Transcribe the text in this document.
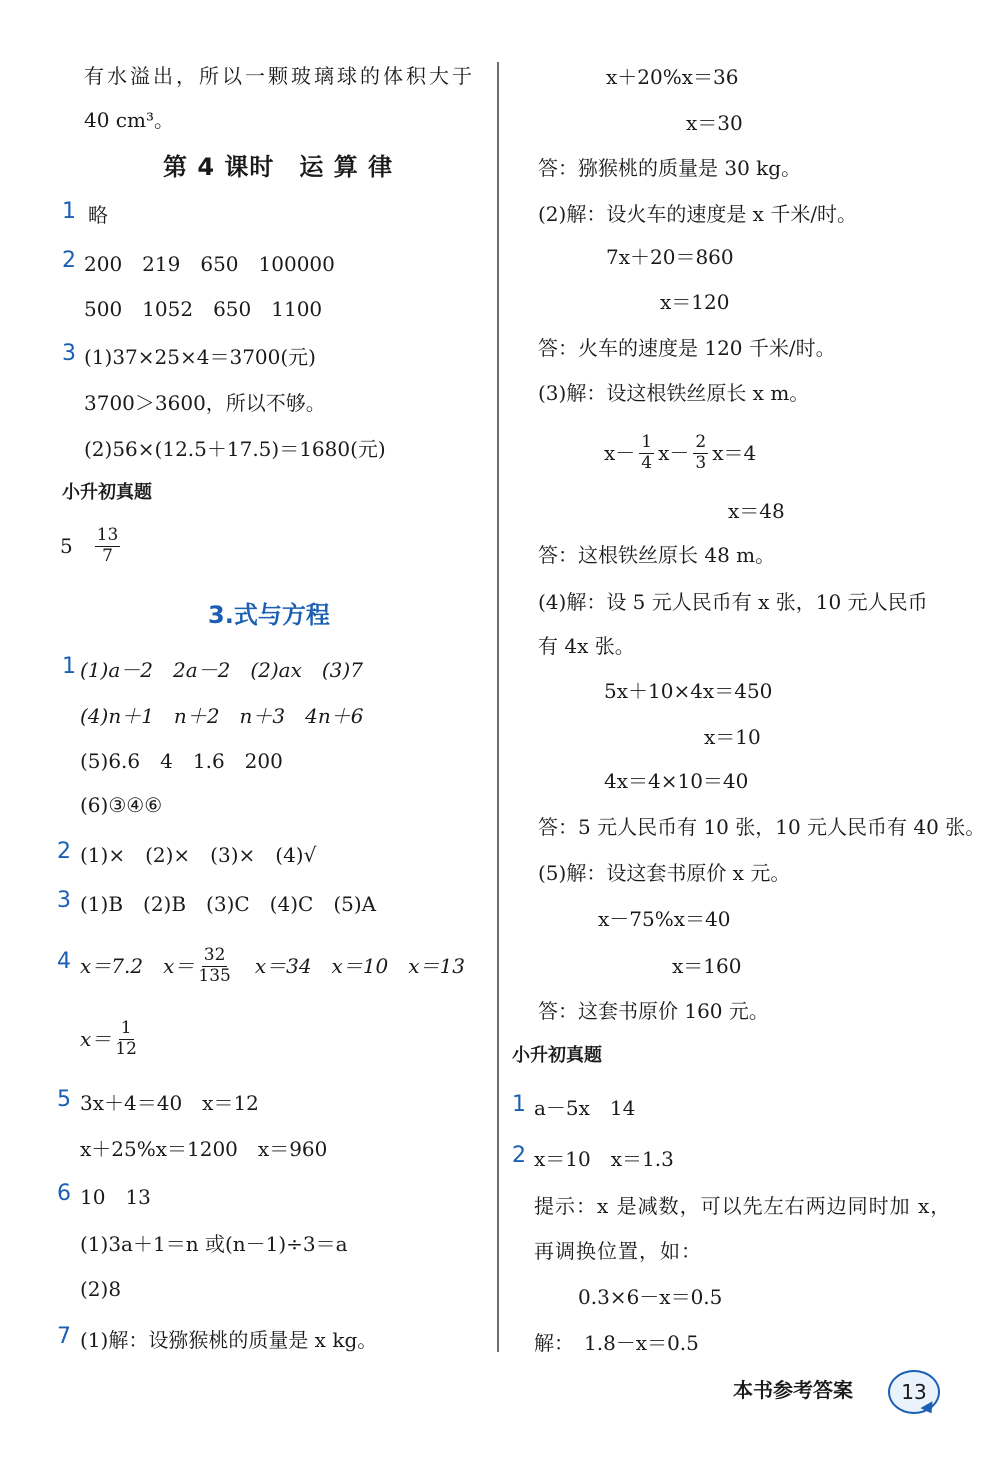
有水溢出，所以一颗玻璃球的体积大于
40 cm³。
第 4 课时　运 算 律
1 略
2 200　219　650　100000
500　1052　650　1100
3 (1)37×25×4＝3700(元)
3700＞3600，所以不够。
(2)56×(12.5＋17.5)＝1680(元)
小升初真题
$5 \frac{13}{7}$
3.式与方程
1 (1)a－2　2a－2　(2)ax　(3)7
(4)n＋1　n＋2　n＋3　4n＋6
(5)6.6　4　1.6　200
(6)③④⑥
2 (1)×　(2)×　(3)×　(4)√
3 (1)B　(2)B　(3)C　(4)C　(5)A
4 x＝7.2　$x= \frac{32}{135}$ 　x＝34　x＝10　x＝13
$x= \frac{1}{12}$
5 3x＋4＝40　x＝12
x＋25%x＝1200　x＝960
6 10　13
(1)3a＋1＝n 或(n－1)÷3＝a
(2)8
7 (1)解：设猕猴桃的质量是 x kg。
x＋20%x＝36
x＝30
答：猕猴桃的质量是 30 kg。
(2)解：设火车的速度是 x 千米/时。
7x＋20＝860
x＝120
答：火车的速度是 120 千米/时。
(3)解：设这根铁丝原长 x m。
$x- \frac{1}{4} x- \frac{2}{3} x=4$
x＝48
答：这根铁丝原长 48 m。
(4)解：设 5 元人民币有 x 张，10 元人民币
有 4x 张。
5x＋10×4x＝450
x＝10
4x＝4×10＝40
答：5 元人民币有 10 张，10 元人民币有 40 张。
(5)解：设这套书原价 x 元。
x－75%x＝40
x＝160
答：这套书原价 160 元。
小升初真题
1 a－5x　14
2 x＝10　x＝1.3
提示：x 是减数，可以先左右两边同时加 x，
再调换位置，如：
0.3×6－x＝0.5
解：　1.8－x＝0.5
本书参考答案 13
